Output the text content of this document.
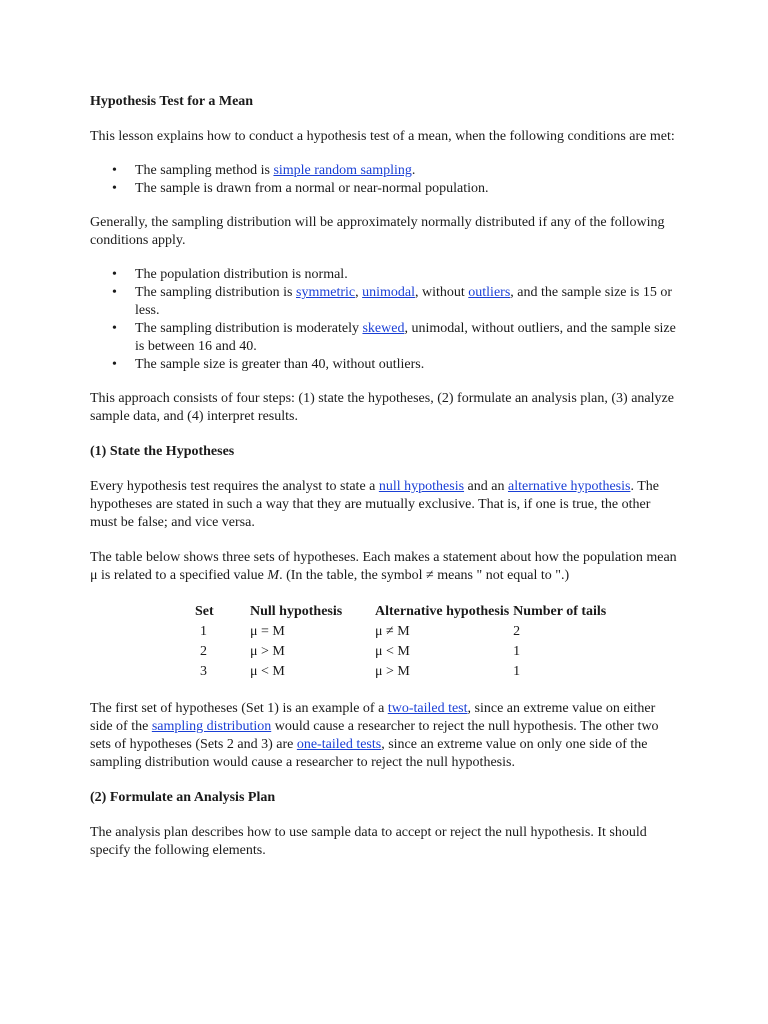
Hypothesis Test for a Mean

This lesson explains how to conduct a hypothesis test of a mean, when the following conditions are met:

• The sampling method is simple random sampling.
• The sample is drawn from a normal or near-normal population.

Generally, the sampling distribution will be approximately normally distributed if any of the following conditions apply.

• The population distribution is normal.
• The sampling distribution is symmetric, unimodal, without outliers, and the sample size is 15 or less.
• The sampling distribution is moderately skewed, unimodal, without outliers, and the sample size is between 16 and 40.
• The sample size is greater than 40, without outliers.

This approach consists of four steps: (1) state the hypotheses, (2) formulate an analysis plan, (3) analyze sample data, and (4) interpret results.

(1) State the Hypotheses

Every hypothesis test requires the analyst to state a null hypothesis and an alternative hypothesis. The hypotheses are stated in such a way that they are mutually exclusive. That is, if one is true, the other must be false; and vice versa.

The table below shows three sets of hypotheses. Each makes a statement about how the population mean μ is related to a specified value M. (In the table, the symbol ≠ means " not equal to ".)

Set	Null hypothesis	Alternative hypothesis	Number of tails
1	μ = M	μ ≠ M	2
2	μ > M	μ < M	1
3	μ < M	μ > M	1

The first set of hypotheses (Set 1) is an example of a two-tailed test, since an extreme value on either side of the sampling distribution would cause a researcher to reject the null hypothesis. The other two sets of hypotheses (Sets 2 and 3) are one-tailed tests, since an extreme value on only one side of the sampling distribution would cause a researcher to reject the null hypothesis.

(2) Formulate an Analysis Plan

The analysis plan describes how to use sample data to accept or reject the null hypothesis. It should specify the following elements.
